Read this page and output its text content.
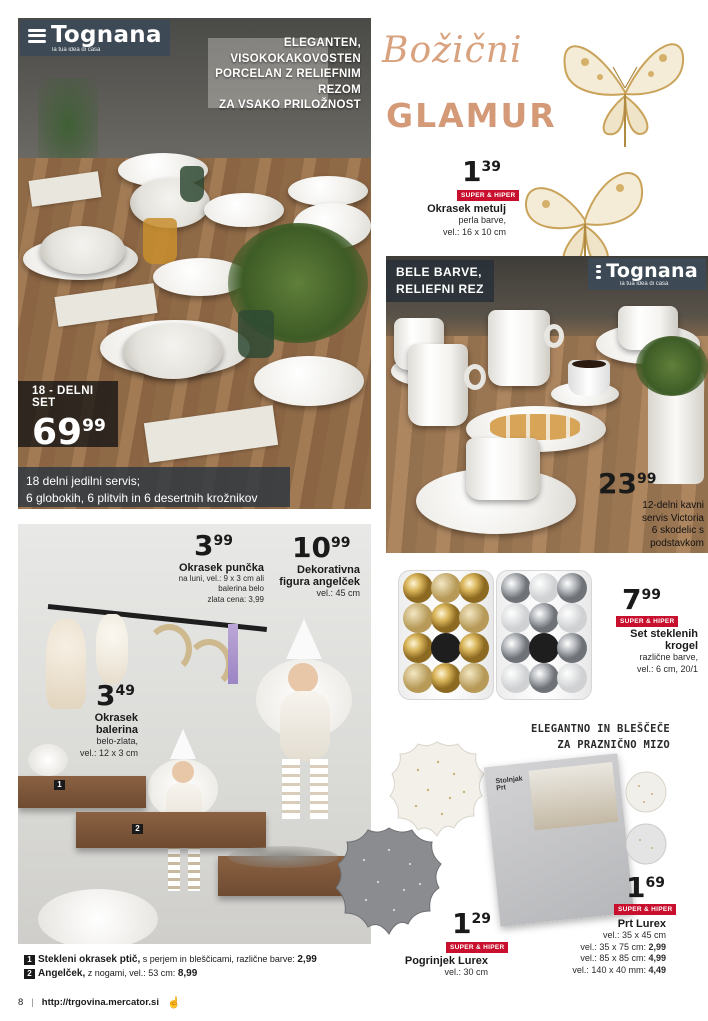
Tognana
la tua idea di casa
ELEGANTEN, VISOKOKAKOVOSTEN
PORCELAN Z RELIEFNIM REZOM
ZA VSAKO PRILOŽNOST
18 - DELNI SET
69 99
18 delni jedilni servis;
6 globokih, 6 plitvih in 6 desertnih krožnikov
Božični
GLAMUR
1 39
SUPER & HIPER
Okrasek metulj
perla barve,
vel.: 16 x 10 cm
BELE BARVE,
RELIEFNI REZ
Tognana
la tua idea di casa
23 99
12-delni kavni
servis Victoria
6 skodelic s
podstavkom
1
2
3 99
Okrasek punčka
na luni, vel.: 9 x 3 cm ali
balerina belo
zlata cena: 3,99
10 99
Dekorativna
figura angelček
vel.: 45 cm
3 49
Okrasek
balerina
belo-zlata,
vel.: 12 x 3 cm
7 99
SUPER & HIPER
Set steklenih
krogel
različne barve,
vel.: 6 cm, 20/1
ELEGANTNO IN BLEŠČEČE
ZA PRAZNIČNO MIZO
Stolnjak
Prt
1 69
SUPER & HIPER
Prt Lurex
vel.: 35 x 45 cm
vel.: 35 x 75 cm: 2,99
vel.: 85 x 85 cm: 4,99
vel.: 140 x 40 mm: 4,49
1 29
SUPER & HIPER
Pogrinjek Lurex
vel.: 30 cm
1 Stekleni okrasek ptič, s perjem in bleščicami, različne barve: 2,99
2 Angelček, z nogami, vel.: 53 cm: 8,99
8 | http://trgovina.mercator.si ☝
